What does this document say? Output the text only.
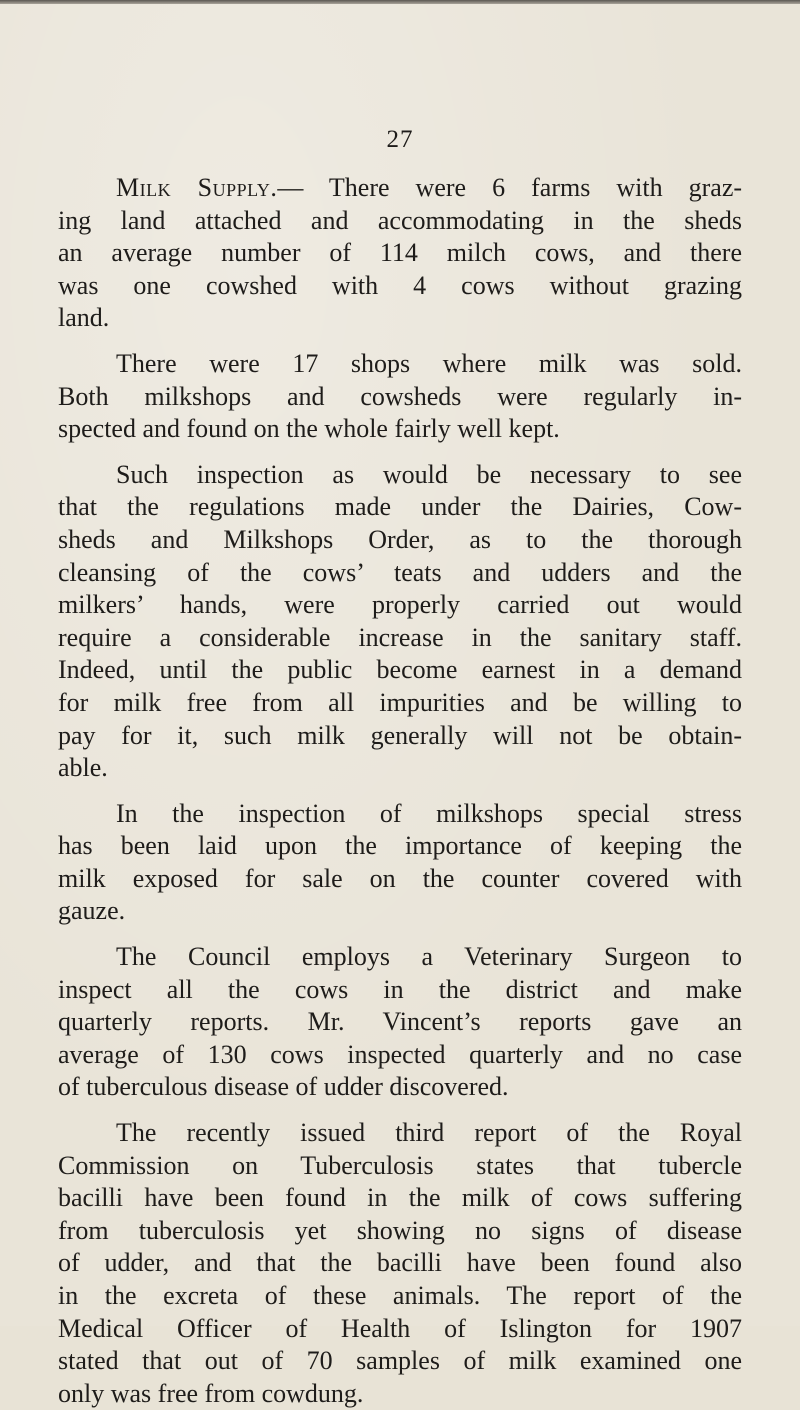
27
Milk Supply.— There were 6 farms with graz-
ing land attached and accommodating in the sheds
an average number of 114 milch cows, and there
was one cowshed with 4 cows without grazing
land.
There were 17 shops where milk was sold.
Both milkshops and cowsheds were regularly in-
spected and found on the whole fairly well kept.
Such inspection as would be necessary to see
that the regulations made under the Dairies, Cow-
sheds and Milkshops Order, as to the thorough
cleansing of the cows’ teats and udders and the
milkers’ hands, were properly carried out would
require a considerable increase in the sanitary staff.
Indeed, until the public become earnest in a demand
for milk free from all impurities and be willing to
pay for it, such milk generally will not be obtain-
able.
In the inspection of milkshops special stress
has been laid upon the importance of keeping the
milk exposed for sale on the counter covered with
gauze.
The Council employs a Veterinary Surgeon to
inspect all the cows in the district and make
quarterly reports. Mr. Vincent’s reports gave an
average of 130 cows inspected quarterly and no case
of tuberculous disease of udder discovered.
The recently issued third report of the Royal
Commission on Tuberculosis states that tubercle
bacilli have been found in the milk of cows suffering
from tuberculosis yet showing no signs of disease
of udder, and that the bacilli have been found also
in the excreta of these animals. The report of the
Medical Officer of Health of Islington for 1907
stated that out of 70 samples of milk examined one
only was free from cowdung.
